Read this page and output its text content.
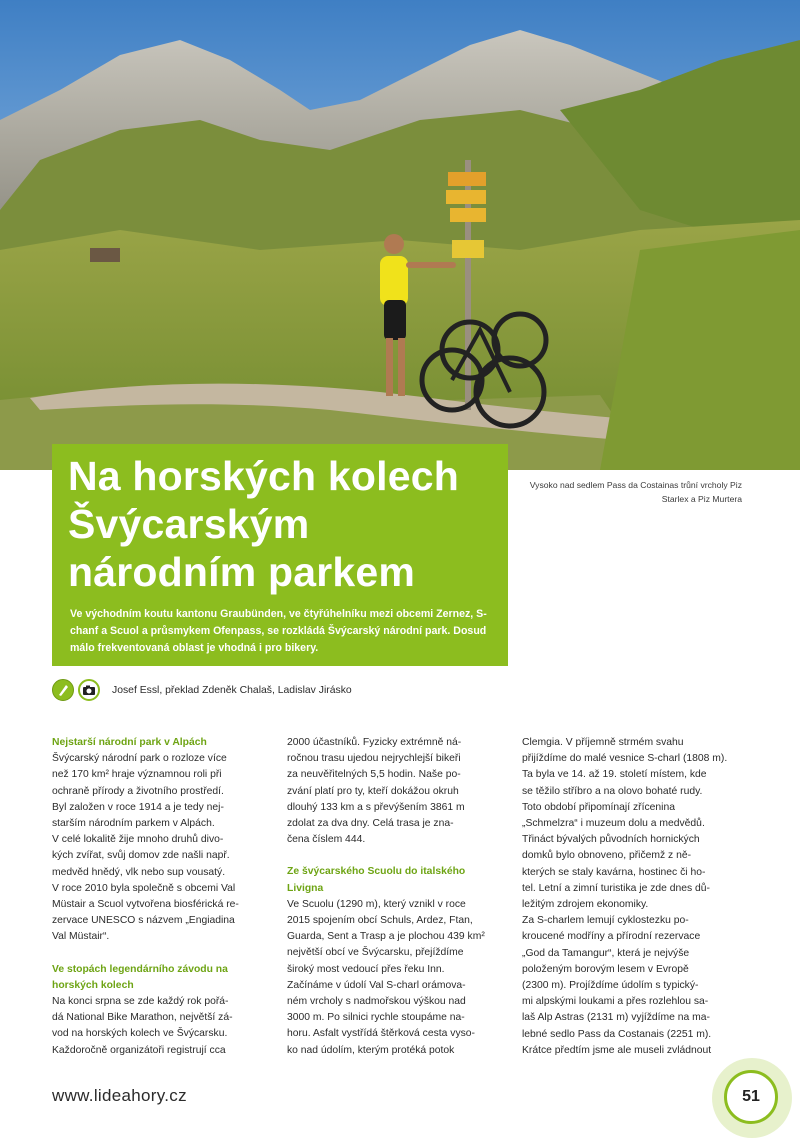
Na horských kolech Švýcarským národním parkem

Ve východním koutu kantonu Graubünden, ve čtyřúhelníku mezi obcemi Zernez, S-chanf a Scuol a průsmykem Ofenpass, se rozkládá Švýcarský národní park. Dosud málo frekventovaná oblast je vhodná i pro bikery.

Vysoko nad sedlem Pass da Costainas trůní vrcholy Piz Starlex a Piz Murtera
Josef Essl, překlad Zdeněk Chalaš, Ladislav Jirásko
Nejstarší národní park v Alpách

Švýcarský národní park o rozloze více
než 170 km² hraje významnou roli při
ochraně přírody a životního prostředí.
Byl založen v roce 1914 a je tedy nej-
starším národním parkem v Alpách.
V celé lokalitě žije mnoho druhů divo-
kých zvířat, svůj domov zde našli např.
medvěd hnědý, vlk nebo sup vousatý.
V roce 2010 byla společně s obcemi Val
Müstair a Scuol vytvořena biosférická re-
zervace UNESCO s názvem „Engiadina
Val Müstair“.

Ve stopách legendárního závodu na
horských kolech

Na konci srpna se zde každý rok pořá-
dá National Bike Marathon, největší zá-
vod na horských kolech ve Švýcarsku.
Každoročně organizátoři registrují cca

2000 účastníků. Fyzicky extrémně ná-
ročnou trasu ujedou nejrychlejší bikeři
za neuvěřitelných 5,5 hodin. Naše po-
zvání platí pro ty, kteří dokážou okruh
dlouhý 133 km a s převýšením 3861 m
zdolat za dva dny. Celá trasa je zna-
čena číslem 444.

Ze švýcarského Scuolu do italského
Livigna

Ve Scuolu (1290 m), který vznikl v roce
2015 spojením obcí Schuls, Ardez, Ftan,
Guarda, Sent a Trasp a je plochou 439 km²
největší obcí ve Švýcarsku, přejíždíme
široký most vedoucí přes řeku Inn.
Začínáme v údolí Val S-charl orámova-
ném vrcholy s nadmořskou výškou nad
3000 m. Po silnici rychle stoupáme na-
horu. Asfalt vystřídá štěrková cesta vyso-
ko nad údolím, kterým protéká potok

Clemgia. V příjemně strmém svahu
přijíždíme do malé vesnice S-charl (1808 m).
Ta byla ve 14. až 19. století místem, kde
se těžilo stříbro a na olovo bohaté rudy.
Toto období připomínají zřícenina
„Schmelzra“ i muzeum dolu a medvědů.
Třináct bývalých původních hornických
domků bylo obnoveno, přičemž z ně-
kterých se staly kavárna, hostinec či ho-
tel. Letní a zimní turistika je zde dnes dů-
ležitým zdrojem ekonomiky.
Za S-charlem lemují cyklostezku po-
kroucené modříny a přírodní rezervace
„God da Tamangur“, která je nejvýše
položeným borovým lesem v Evropě
(2300 m). Projíždíme údolím s typický-
mi alpskými loukami a přes rozlehlou sa-
laš Alp Astras (2131 m) vyjíždíme na ma-
lebné sedlo Pass da Costanais (2251 m).
Krátce předtím jsme ale museli zvládnout

www.lideahory.cz	51
